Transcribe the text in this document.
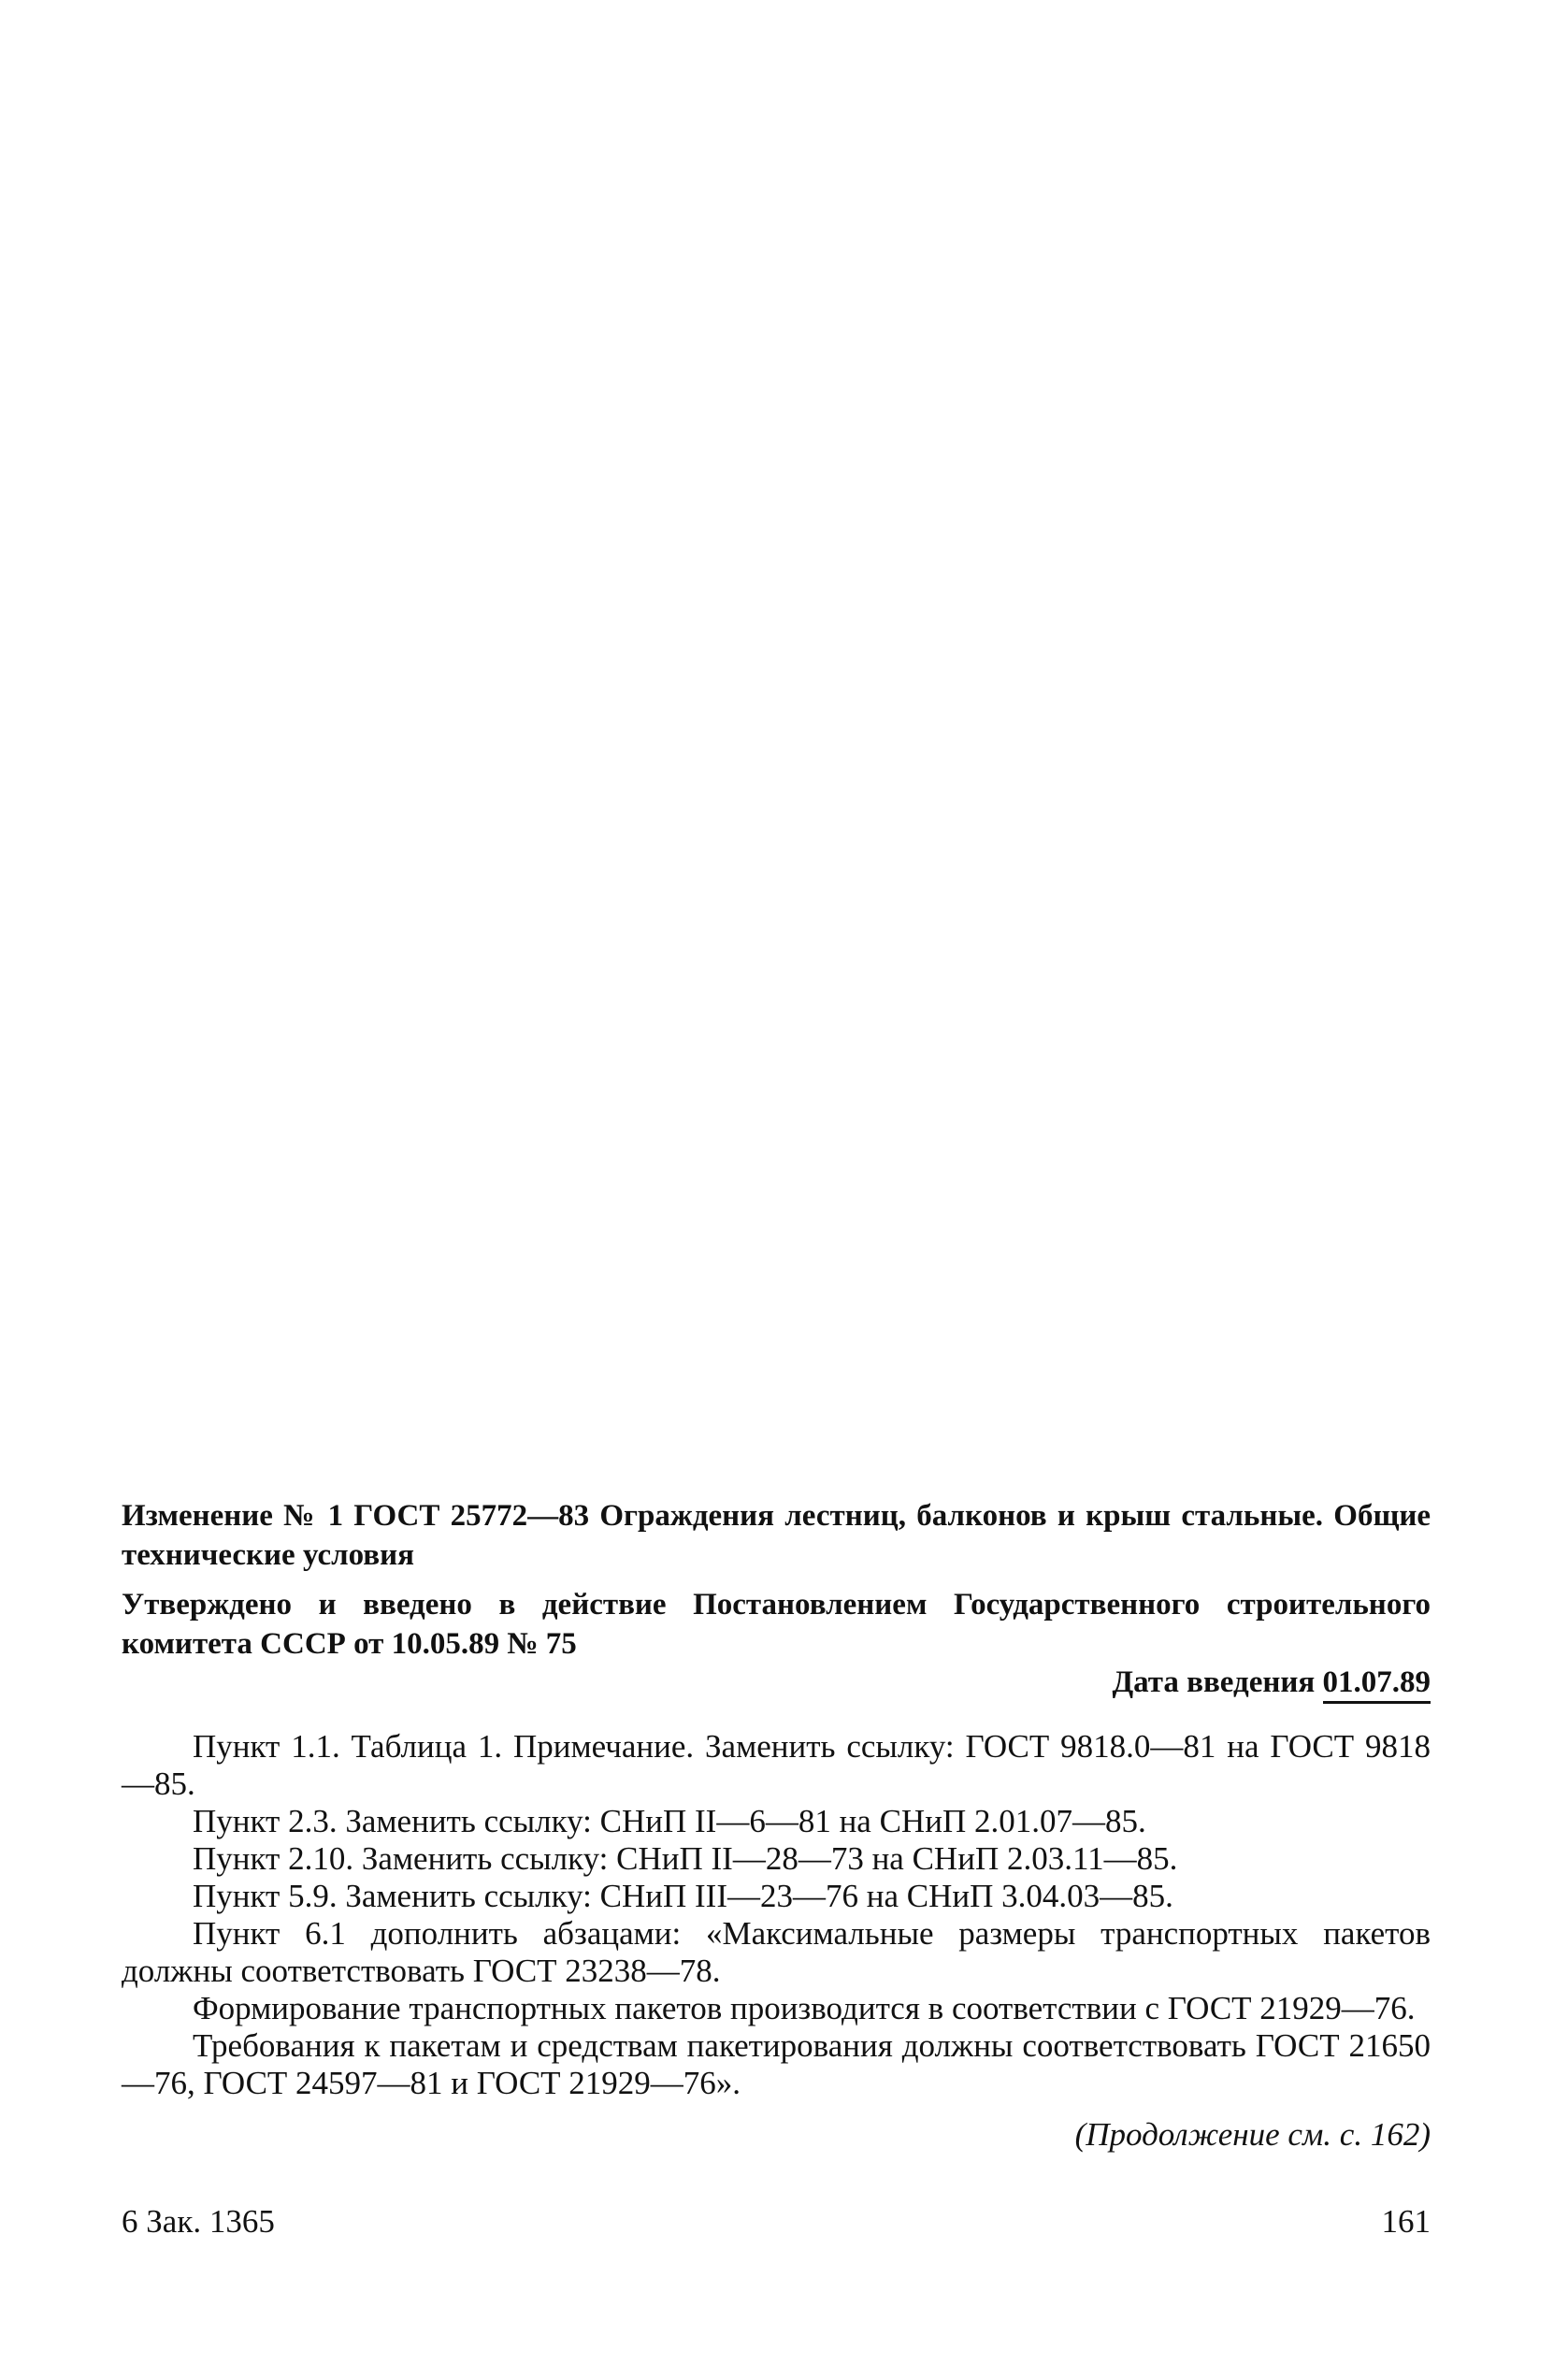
Изменение № 1 ГОСТ 25772—83 Ограждения лестниц, балконов и крыш стальные. Общие технические условия
Утверждено и введено в действие Постановлением Государственного строительного комитета СССР от 10.05.89 № 75
Дата введения 01.07.89

Пункт 1.1. Таблица 1. Примечание. Заменить ссылку: ГОСТ 9818.0—81 на ГОСТ 9818—85.

Пункт 2.3. Заменить ссылку: СНиП II—6—81 на СНиП 2.01.07—85.

Пункт 2.10. Заменить ссылку: СНиП II—28—73 на СНиП 2.03.11—85.

Пункт 5.9. Заменить ссылку: СНиП III—23—76 на СНиП 3.04.03—85.

Пункт 6.1 дополнить абзацами: «Максимальные размеры транспортных пакетов должны соответствовать ГОСТ 23238—78.

Формирование транспортных пакетов производится в соответствии с ГОСТ 21929—76.

Требования к пакетам и средствам пакетирования должны соответствовать ГОСТ 21650—76, ГОСТ 24597—81 и ГОСТ 21929—76».

(Продолжение см. с. 162)
6 Зак. 1365	161
